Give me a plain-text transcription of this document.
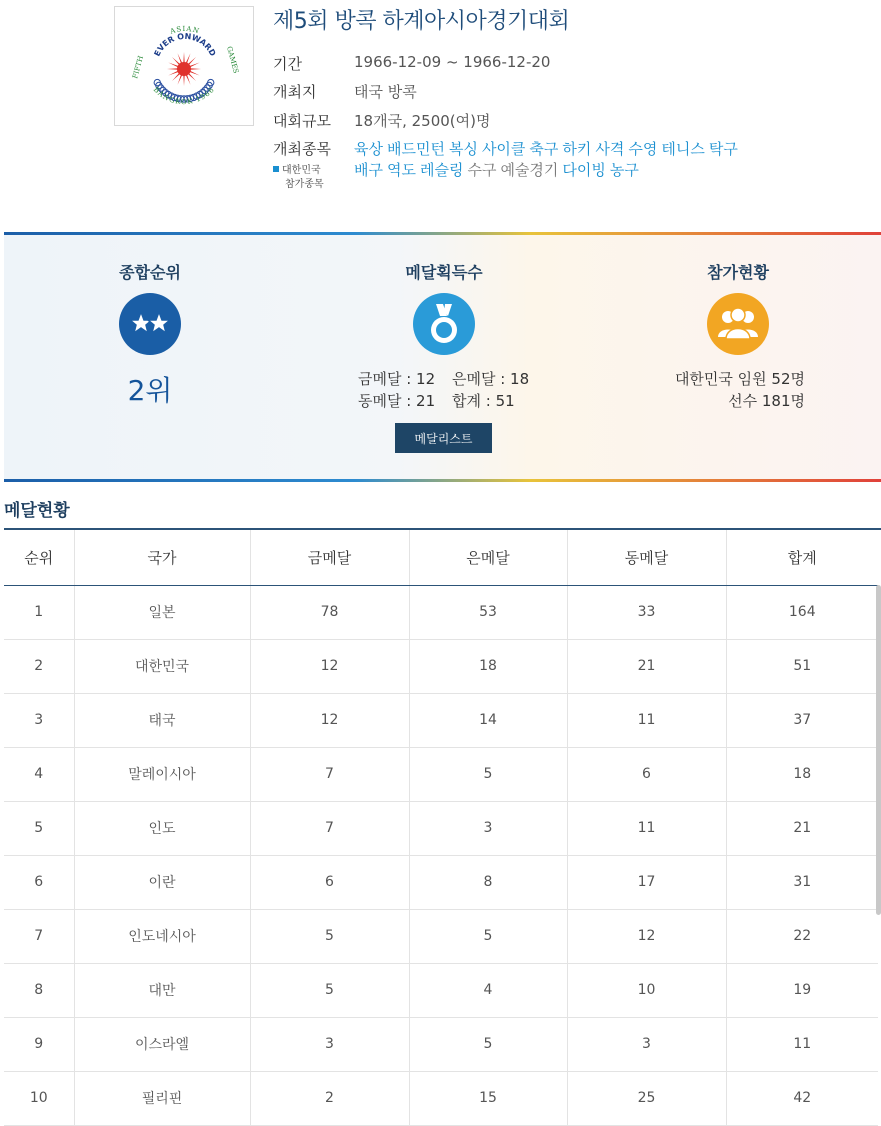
ASIAN
EVER ONWARD
FIFTH	GAMES
BANGKOK 1966
제5회 방콕 하계아시아경기대회
기간	1966-12-09 ~ 1966-12-20
개최지	태국 방콕
대회규모 18개국, 2500(여)명
개최종목 육상 배드민턴 복싱 사이클 축구 하키 사격 수영 테니스 탁구
배구 역도 레슬링 수구 예술경기 다이빙 농구
대한민국
참가종목
종합순위
2위
메달획득수
금메달 : 12 은메달 : 18
동메달 : 21 합계 : 51
메달리스트
참가현황
대한민국 임원 52명
선수 181명
메달현황
순위	국가	금메달	은메달	동메달	합계
1	일본	78	53	33	164
2	대한민국	12	18	21	51
3	태국	12	14	11	37
4	말레이시아	7	5	6	18
5	인도	7	3	11	21
6	이란	6	8	17	31
7	인도네시아	5	5	12	22
8	대만	5	4	10	19
9	이스라엘	3	5	3	11
10	필리핀	2	15	25	42
